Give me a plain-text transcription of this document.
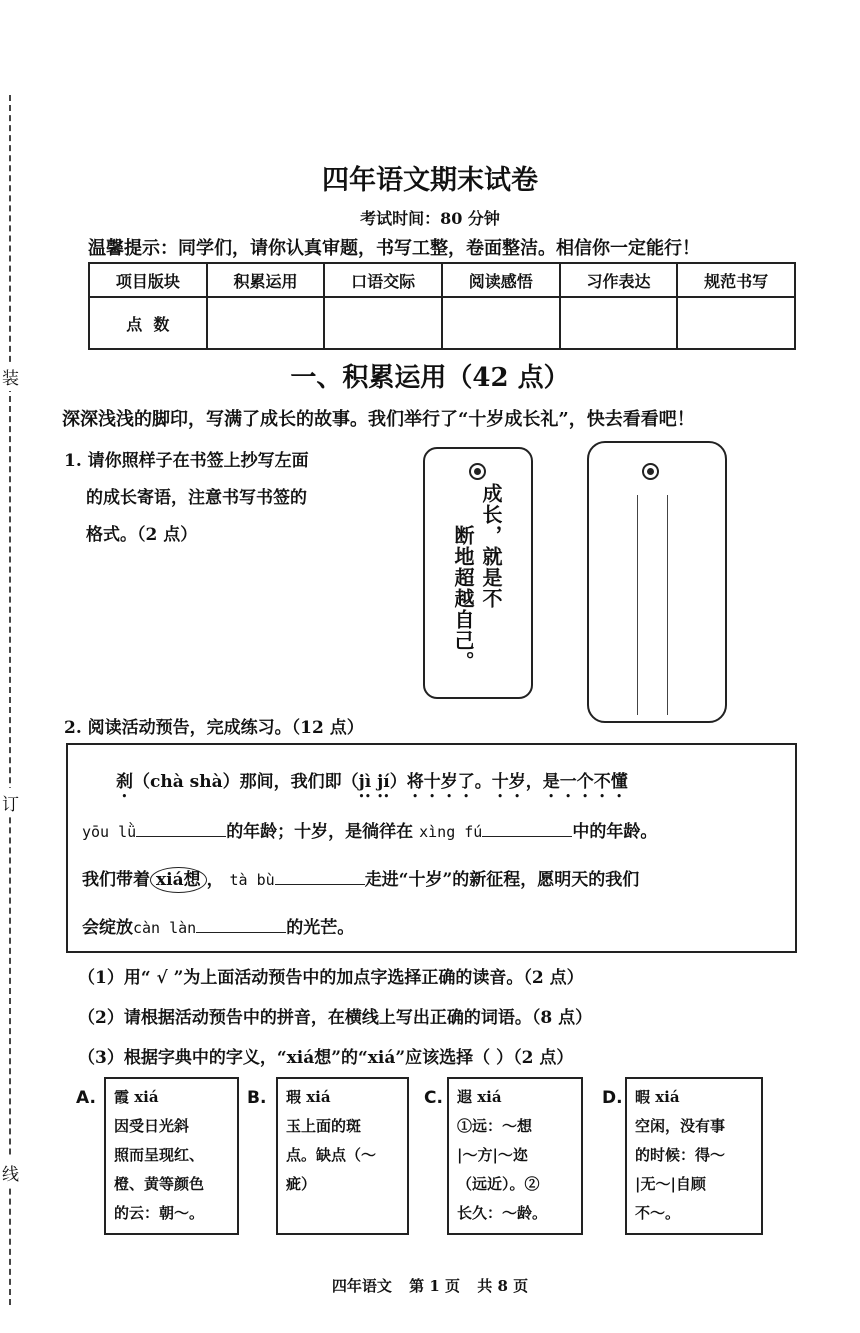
装
订
线
四年语文期末试卷
考试时间：80 分钟
温馨提示：同学们，请你认真审题，书写工整，卷面整洁。相信你一定能行！
项目版块	积累运用	口语交际	阅读感悟	习作表达	规范书写
点  数					
一、积累运用（42 点）
深深浅浅的脚印，写满了成长的故事。我们举行了“十岁成长礼”，快去看看吧！
1. 请你照样子在书签上抄写左面
的成长寄语，注意书写书签的
格式。（2 点）	成长，就是不
断地超越自己。
2. 阅读活动预告，完成练习。（12 点）
刹（chà shà）那间，我们即（jì jí）将十岁了。十岁，是一个不懂
yōu lǜ	的年龄；十岁，是徜徉在 xìng fú	中的年龄。
我们带着 xiá想 ， tà bù	走进“十岁”的新征程，愿明天的我们
会绽放càn làn	的光芒。
（1）用“ √ ”为上面活动预告中的加点字选择正确的读音。（2 点）
（2）请根据活动预告中的拼音，在横线上写出正确的词语。（8 点）
（3）根据字典中的字义，“xiá想”的“xiá”应该选择（ ）（2 点）
A. 霞 xiá
因受日光斜
照而呈现红、
橙、黄等颜色
的云：朝～。
B. 瑕 xiá
玉上面的斑
点。缺点（～
疵）
C. 遐 xiá
①远：～想
|～方|～迩
（远近）。②
长久：～龄。
D. 暇 xiá
空闲，没有事
的时候：得～
|无～|自顾
不～。
四年语文 第 1 页 共 8 页
